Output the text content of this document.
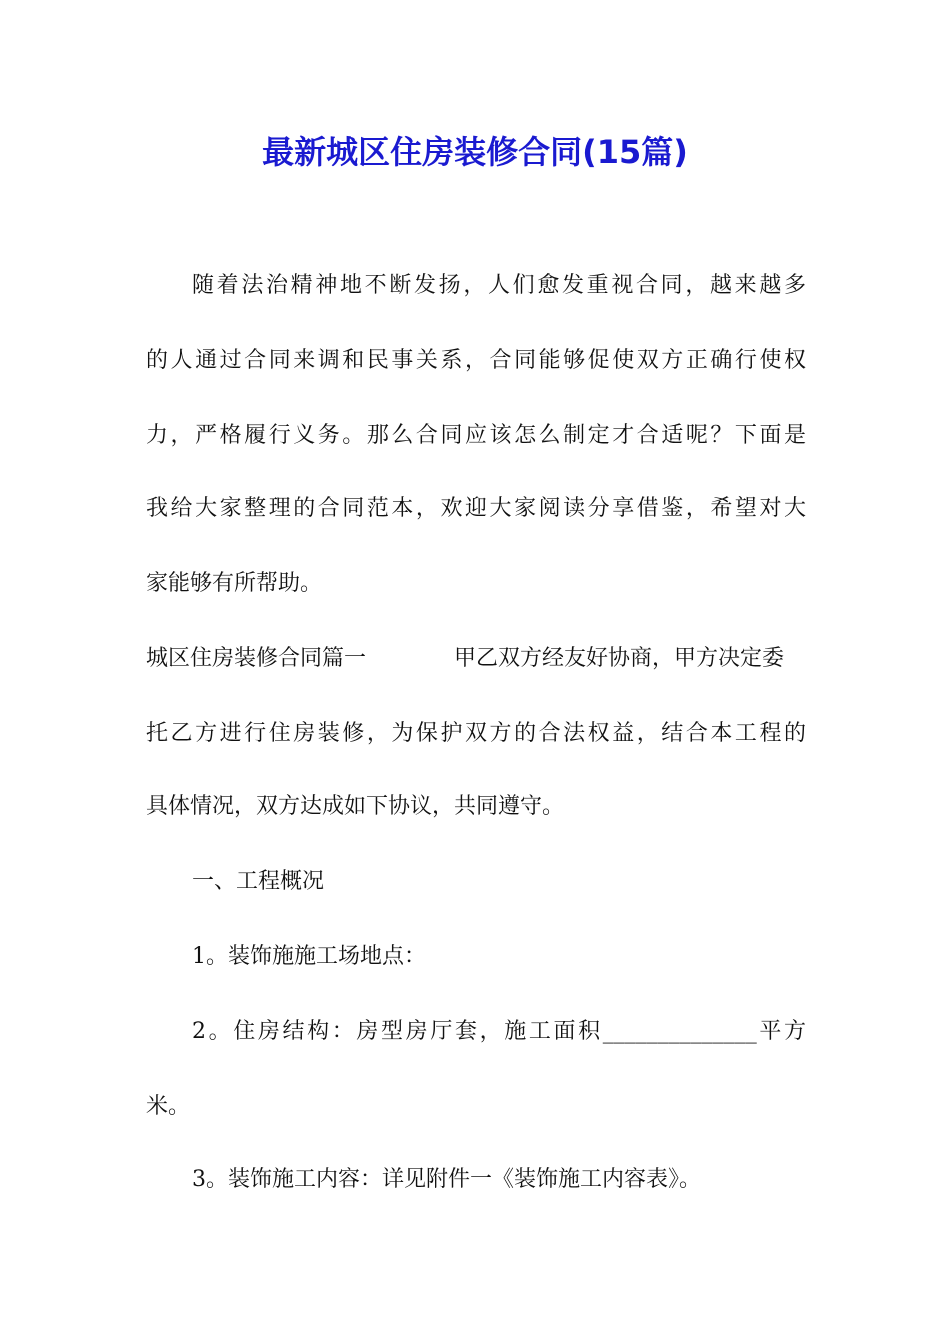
最新城区住房装修合同(15篇)
随着法治精神地不断发扬，人们愈发重视合同，越来越多
的人通过合同来调和民事关系，合同能够促使双方正确行使权
力，严格履行义务。那么合同应该怎么制定才合适呢？下面是
我给大家整理的合同范本，欢迎大家阅读分享借鉴，希望对大
家能够有所帮助。
城区住房装修合同篇一	甲乙双方经友好协商，甲方决定委
托乙方进行住房装修，为保护双方的合法权益，结合本工程的
具体情况，双方达成如下协议，共同遵守。
一、工程概况
1。装饰施施工场地点：
2。住房结构：房型房厅套，施工面积______________平方
米。
3。装饰施工内容：详见附件一《装饰施工内容表》。
